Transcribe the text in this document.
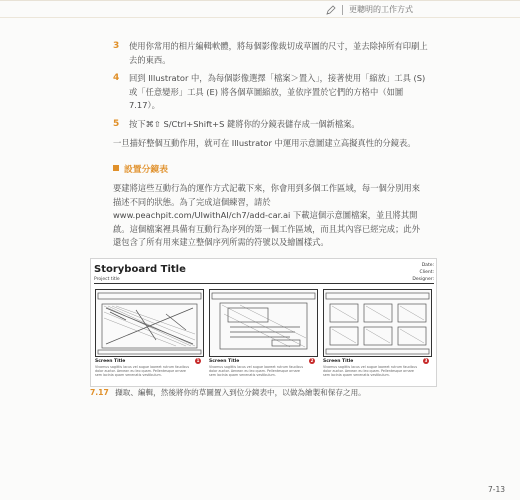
更聰明的工作方式
3 使用你常用的相片編輯軟體，將每個影像裁切成草圖的尺寸，並去除掉所有印刷上去的東西。
4 回到 Illustrator 中，為每個影像選擇「檔案＞置入」，接著使用「縮放」工具 (S) 或「任意變形」工具 (E) 將各個草圖縮放，並依序置於它們的方格中（如圖 7.17）。
5 按下⌘⇧ S/Ctrl+Shift+S 鍵將你的分鏡表儲存成一個新檔案。
一旦描好整個互動作用，就可在 Illustrator 中運用示意圖建立高擬真性的分鏡表。
設置分鏡表
要建將這些互動行為的運作方式記載下來，你會用到多個工作區域，每一個分別用來描述不同的狀態。為了完成這個練習，請於 www.peachpit.com/UIwithAI/ch7/add-car.ai 下載這個示意圖檔案，並且將其開啟。這個檔案裡具備有互動行為序列的第一個工作區域，而且其內容已經完成；此外還包含了所有用來建立整個序列所需的符號以及繪圖樣式。
Storyboard Title
Project title
Date:
Client:
Designer:
Screen Title	1
Vivamus sagittis lacus vel augue laoreet rutrum faucibus dolor auctor. Aenean eu leo quam. Pellentesque ornare sem lacinia quam venenatis vestibulum.
Screen Title	2
Vivamus sagittis lacus vel augue laoreet rutrum faucibus dolor auctor. Aenean eu leo quam. Pellentesque ornare sem lacinia quam venenatis vestibulum.
Screen Title	3
Vivamus sagittis lacus vel augue laoreet rutrum faucibus dolor auctor. Aenean eu leo quam. Pellentesque ornare sem lacinia quam venenatis vestibulum.
7.17 擷取、編輯，然後將你的草圖置入到位分鏡表中，以做為繪製和保存之用。
7-13
